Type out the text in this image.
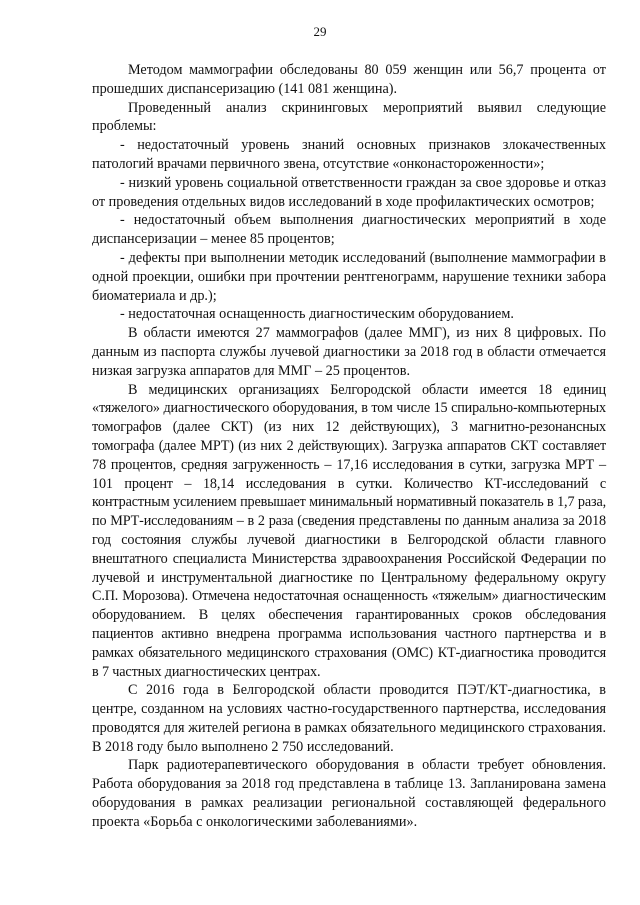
29

Методом маммографии обследованы 80 059 женщин или 56,7 процента от прошедших диспансеризацию (141 081 женщина).

Проведенный анализ скрининговых мероприятий выявил следующие проблемы:

- недостаточный уровень знаний основных признаков злокачественных патологий врачами первичного звена, отсутствие «онконастороженности»;

- низкий уровень социальной ответственности граждан за свое здоровье и отказ от проведения отдельных видов исследований в ходе профилактических осмотров;

- недостаточный объем выполнения диагностических мероприятий в ходе диспансеризации – менее 85 процентов;

- дефекты при выполнении методик исследований (выполнение маммографии в одной проекции, ошибки при прочтении рентгенограмм, нарушение техники забора биоматериала и др.);

- недостаточная оснащенность диагностическим оборудованием.

В области имеются 27 маммографов (далее ММГ), из них 8 цифровых. По данным из паспорта службы лучевой диагностики за 2018 год в области отмечается низкая загрузка аппаратов для ММГ – 25 процентов.

В медицинских организациях Белгородской области имеется 18 единиц «тяжелого» диагностического оборудования, в том числе 15 спирально-компьютерных томографов (далее СКТ) (из них 12 действующих), 3 магнитно-резонансных томографа (далее МРТ) (из них 2 действующих). Загрузка аппаратов СКТ составляет 78 процентов, средняя загруженность – 17,16 исследования в сутки, загрузка МРТ – 101 процент – 18,14 исследования в сутки. Количество КТ-исследований с контрастным усилением превышает минимальный нормативный показатель в 1,7 раза, по МРТ-исследованиям – в 2 раза (сведения представлены по данным анализа за 2018 год состояния службы лучевой диагностики в Белгородской области главного внештатного специалиста Министерства здравоохранения Российской Федерации по лучевой и инструментальной диагностике по Центральному федеральному округу С.П. Морозова). Отмечена недостаточная оснащенность «тяжелым» диагностическим оборудованием. В целях обеспечения гарантированных сроков обследования пациентов активно внедрена программа использования частного партнерства и в рамках обязательного медицинского страхования (ОМС) КТ-диагностика проводится в 7 частных диагностических центрах.

С 2016 года в Белгородской области проводится ПЭТ/КТ-диагностика, в центре, созданном на условиях частно-государственного партнерства, исследования проводятся для жителей региона в рамках обязательного медицинского страхования. В 2018 году было выполнено 2 750 исследований.

Парк радиотерапевтического оборудования в области требует обновления. Работа оборудования за 2018 год представлена в таблице 13. Запланирована замена оборудования в рамках реализации региональной составляющей федерального проекта «Борьба с онкологическими заболеваниями».
